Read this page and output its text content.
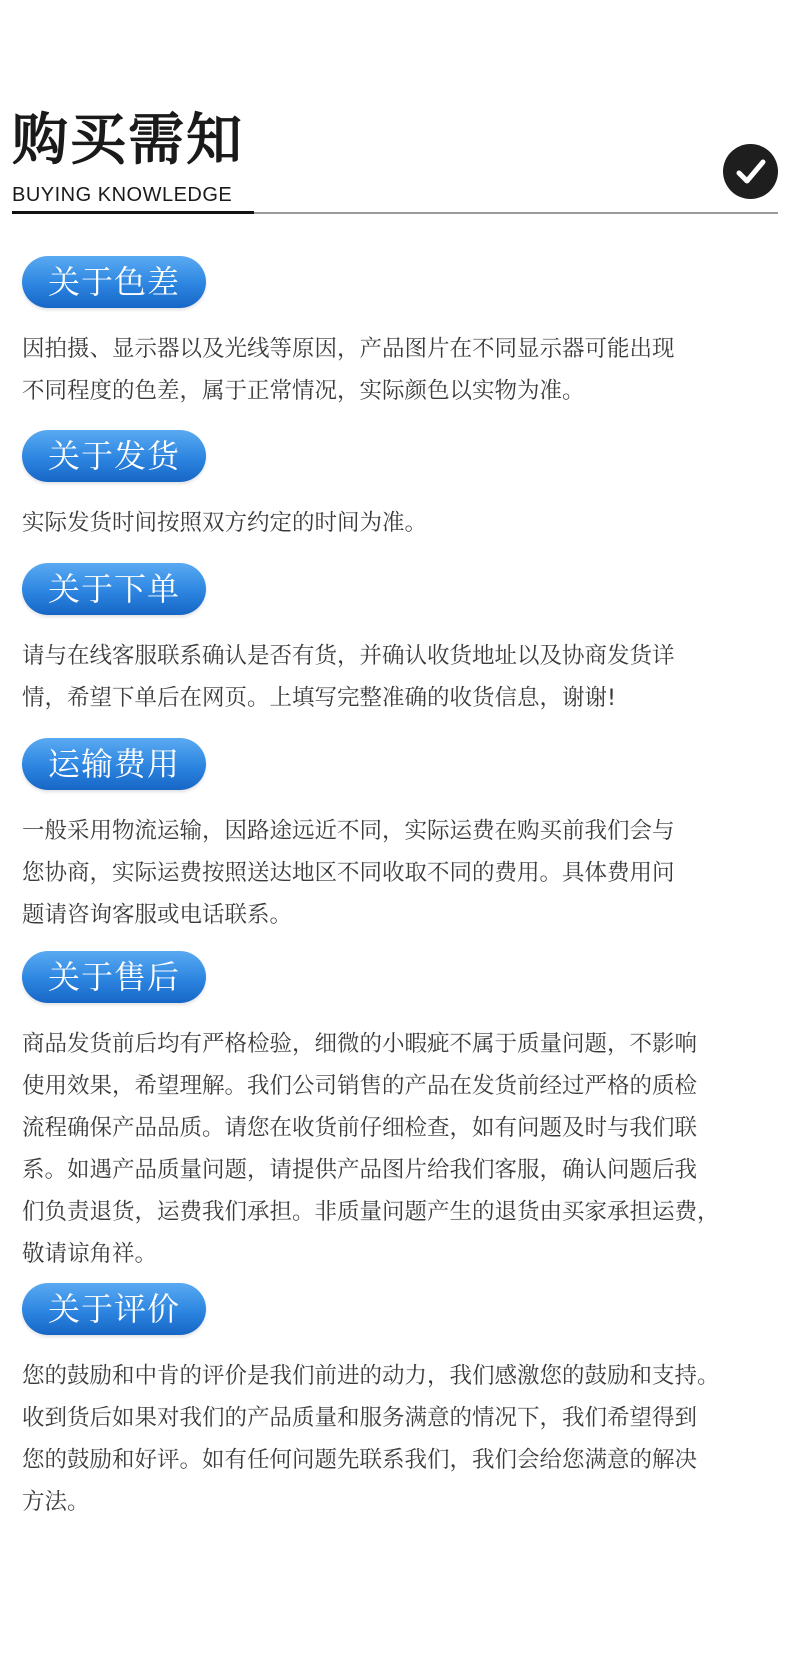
购买需知
BUYING KNOWLEDGE
关于色差

因拍摄、显示器以及光线等原因，产品图片在不同显示器可能出现
不同程度的色差，属于正常情况，实际颜色以实物为准。

关于发货

实际发货时间按照双方约定的时间为准。

关于下单

请与在线客服联系确认是否有货，并确认收货地址以及协商发货详
情，希望下单后在网页。上填写完整准确的收货信息，谢谢!

运输费用

一般采用物流运输，因路途远近不同，实际运费在购买前我们会与
您协商，实际运费按照送达地区不同收取不同的费用。具体费用问
题请咨询客服或电话联系。

关于售后

商品发货前后均有严格检验，细微的小暇疵不属于质量问题，不影响
使用效果，希望理解。我们公司销售的产品在发货前经过严格的质检
流程确保产品品质。请您在收货前仔细检查，如有问题及时与我们联
系。如遇产品质量问题，请提供产品图片给我们客服，确认问题后我
们负责退货，运费我们承担。非质量问题产生的退货由买家承担运费，
敬请谅角祥。

关于评价

您的鼓励和中肯的评价是我们前进的动力，我们感激您的鼓励和支持。
收到货后如果对我们的产品质量和服务满意的情况下，我们希望得到
您的鼓励和好评。如有任何问题先联系我们，我们会给您满意的解决
方法。
